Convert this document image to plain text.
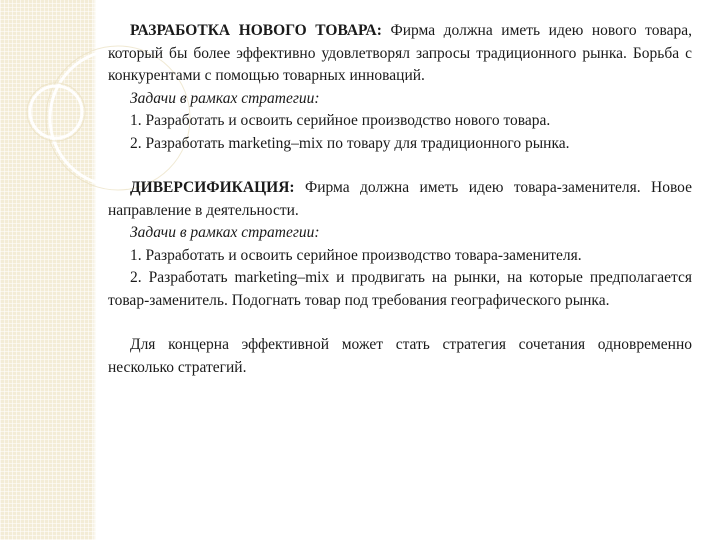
РАЗРАБОТКА НОВОГО ТОВАРА: Фирма должна иметь идею нового товара, который бы более эффективно удовлетворял запросы традиционного рынка. Борьба с конкурентами с помощью товарных инноваций.

Задачи в рамках стратегии:

1. Разработать и освоить серийное производство нового товара.

2. Разработать marketing–mix по товару для традиционного рынка.

ДИВЕРСИФИКАЦИЯ: Фирма должна иметь идею товара-заменителя. Новое направление в деятельности.

Задачи в рамках стратегии:

1. Разработать и освоить серийное производство товара-заменителя.

2. Разработать marketing–mix и продвигать на рынки, на которые предполагается товар-заменитель. Подогнать товар под требования географического рынка.

Для концерна эффективной может стать стратегия сочетания одновременно несколько стратегий.
